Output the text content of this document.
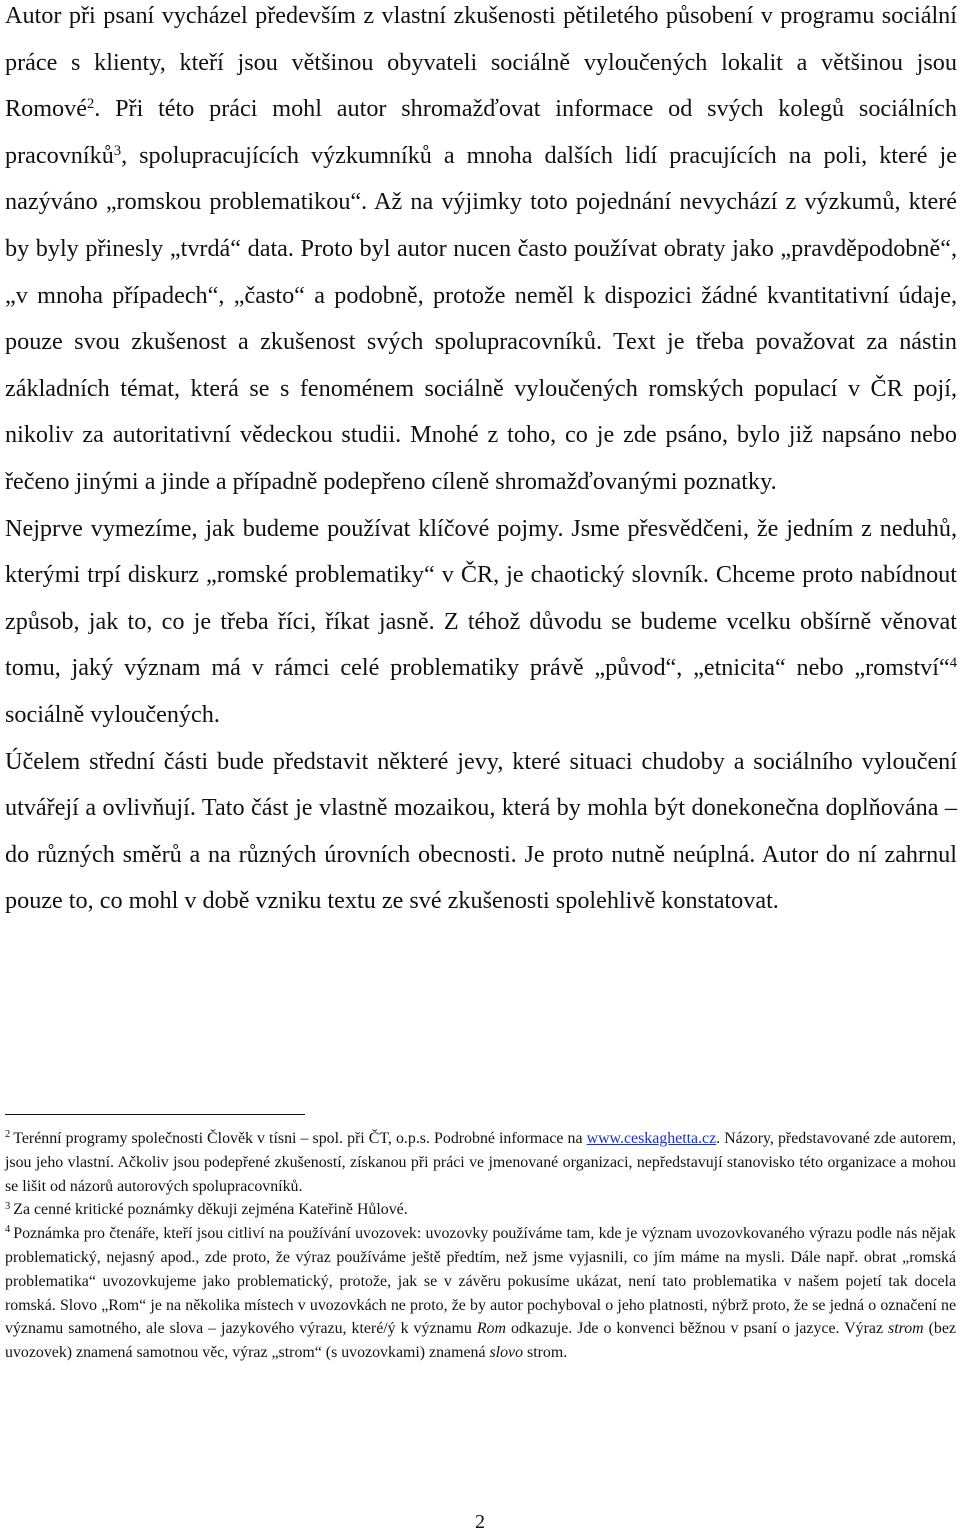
Autor při psaní vycházel především z vlastní zkušenosti pětiletého působení v programu sociální práce s klienty, kteří jsou většinou obyvateli sociálně vyloučených lokalit a většinou jsou Romové$^2$. Při této práci mohl autor shromažďovat informace od svých kolegů sociálních pracovníků$^3$, spolupracujících výzkumníků a mnoha dalších lidí pracujících na poli, které je nazýváno „romskou problematikou“. Až na výjimky toto pojednání nevychází z výzkumů, které by byly přinesly „tvrdá“ data. Proto byl autor nucen často používat obraty jako „pravděpodobně“, „v mnoha případech“, „často“ a podobně, protože neměl k dispozici žádné kvantitativní údaje, pouze svou zkušenost a zkušenost svých spolupracovníků. Text je třeba považovat za nástin základních témat, která se s fenoménem sociálně vyloučených romských populací v ČR pojí, nikoliv za autoritativní vědeckou studii. Mnohé z toho, co je zde psáno, bylo již napsáno nebo řečeno jinými a jinde a případně podepřeno cíleně shromažďovanými poznatky.

Nejprve vymezíme, jak budeme používat klíčové pojmy. Jsme přesvědčeni, že jedním z neduhů, kterými trpí diskurz „romské problematiky“ v ČR, je chaotický slovník. Chceme proto nabídnout způsob, jak to, co je třeba říci, říkat jasně. Z téhož důvodu se budeme vcelku obšírně věnovat tomu, jaký význam má v rámci celé problematiky právě „původ“, „etnicita“ nebo „romství“$^4$ sociálně vyloučených.

Účelem střední části bude představit některé jevy, které situaci chudoby a sociálního vyloučení utvářejí a ovlivňují. Tato část je vlastně mozaikou, která by mohla být donekonečna doplňována – do různých směrů a na různých úrovních obecnosti. Je proto nutně neúplná. Autor do ní zahrnul pouze to, co mohl v době vzniku textu ze své zkušenosti spolehlivě konstatovat.

$^2$ Terénní programy společnosti Člověk v tísni – spol. při ČT, o.p.s. Podrobné informace na www.ceskaghetta.cz. Názory, představované zde autorem, jsou jeho vlastní. Ačkoliv jsou podepřené zkušeností, získanou při práci ve jmenované organizaci, nepředstavují stanovisko této organizace a mohou se lišit od názorů autorových spolupracovníků.

$^3$ Za cenné kritické poznámky děkuji zejména Kateřině Hůlové.

$^4$ Poznámka pro čtenáře, kteří jsou citliví na používání uvozovek: uvozovky používáme tam, kde je význam uvozovkovaného výrazu podle nás nějak problematický, nejasný apod., zde proto, že výraz používáme ještě předtím, než jsme vyjasnili, co jím máme na mysli. Dále např. obrat „romská problematika“ uvozovkujeme jako problematický, protože, jak se v závěru pokusíme ukázat, není tato problematika v našem pojetí tak docela romská. Slovo „Rom“ je na několika místech v uvozovkách ne proto, že by autor pochyboval o jeho platnosti, nýbrž proto, že se jedná o označení ne významu samotného, ale slova – jazykového výrazu, které/ý k významu Rom odkazuje. Jde o konvenci běžnou v psaní o jazyce. Výraz strom (bez uvozovek) znamená samotnou věc, výraz „strom“ (s uvozovkami) znamená slovo strom.

2
